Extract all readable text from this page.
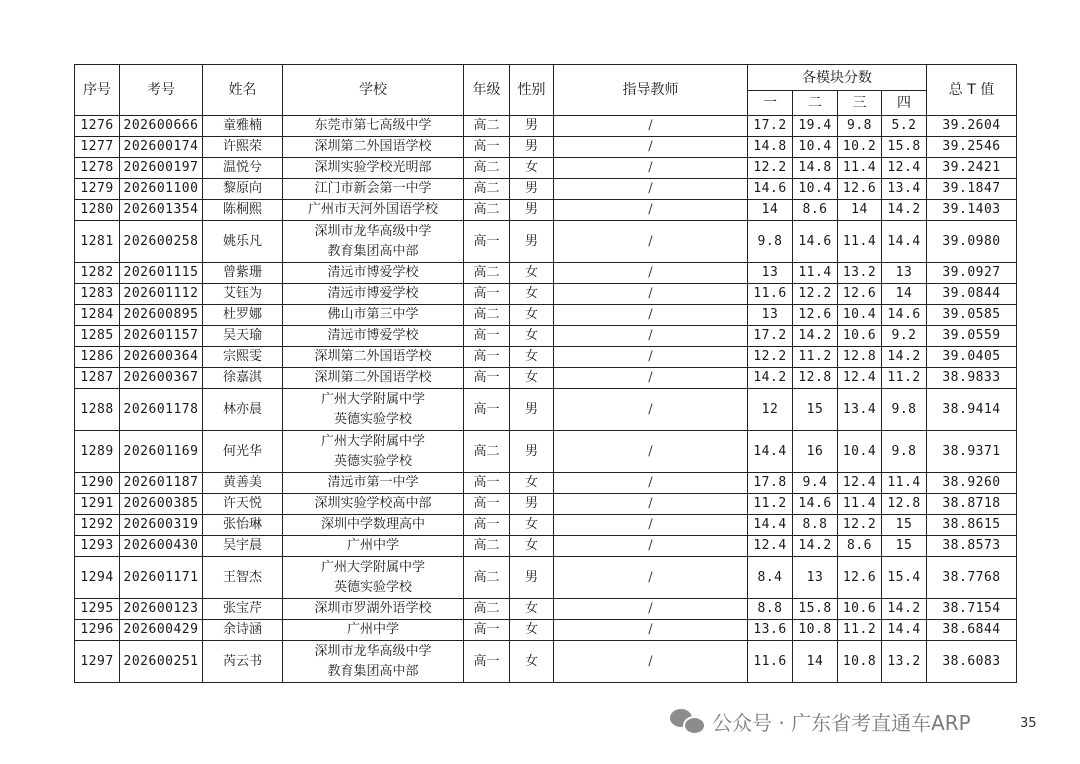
序号	考号	姓名	学校	年级	性别	指导教师	各模块分数				总 T 值
							一	二	三	四	
1276	202600666	童雅楠	东莞市第七高级中学	高二	男	/	17.2	19.4	9.8	5.2	39.2604
1277	202600174	许熙荣	深圳第二外国语学校	高一	男	/	14.8	10.4	10.2	15.8	39.2546
1278	202600197	温悦兮	深圳实验学校光明部	高二	女	/	12.2	14.8	11.4	12.4	39.2421
1279	202601100	黎原向	江门市新会第一中学	高二	男	/	14.6	10.4	12.6	13.4	39.1847
1280	202601354	陈桐熙	广州市天河外国语学校	高二	男	/	14	8.6	14	14.2	39.1403
1281	202600258	姚乐凡	深圳市龙华高级中学
教育集团高中部	高一	男	/	9.8	14.6	11.4	14.4	39.0980
1282	202601115	曾紫珊	清远市博爱学校	高二	女	/	13	11.4	13.2	13	39.0927
1283	202601112	艾钰为	清远市博爱学校	高一	女	/	11.6	12.2	12.6	14	39.0844
1284	202600895	杜罗娜	佛山市第三中学	高二	女	/	13	12.6	10.4	14.6	39.0585
1285	202601157	吴天瑜	清远市博爱学校	高一	女	/	17.2	14.2	10.6	9.2	39.0559
1286	202600364	宗熙雯	深圳第二外国语学校	高一	女	/	12.2	11.2	12.8	14.2	39.0405
1287	202600367	徐嘉淇	深圳第二外国语学校	高一	女	/	14.2	12.8	12.4	11.2	38.9833
1288	202601178	林亦晨	广州大学附属中学
英德实验学校	高一	男	/	12	15	13.4	9.8	38.9414
1289	202601169	何光华	广州大学附属中学
英德实验学校	高二	男	/	14.4	16	10.4	9.8	38.9371
1290	202601187	黄善美	清远市第一中学	高一	女	/	17.8	9.4	12.4	11.4	38.9260
1291	202600385	许天悦	深圳实验学校高中部	高一	男	/	11.2	14.6	11.4	12.8	38.8718
1292	202600319	张怡琳	深圳中学数理高中	高一	女	/	14.4	8.8	12.2	15	38.8615
1293	202600430	吴宇晨	广州中学	高二	女	/	12.4	14.2	8.6	15	38.8573
1294	202601171	王智杰	广州大学附属中学
英德实验学校	高二	男	/	8.4	13	12.6	15.4	38.7768
1295	202600123	张宝芹	深圳市罗湖外语学校	高二	女	/	8.8	15.8	10.6	14.2	38.7154
1296	202600429	余诗涵	广州中学	高一	女	/	13.6	10.8	11.2	14.4	38.6844
1297	202600251	芮云书	深圳市龙华高级中学
教育集团高中部	高一	女	/	11.6	14	10.8	13.2	38.6083
公众号 · 广东省考直通车ARP	35
